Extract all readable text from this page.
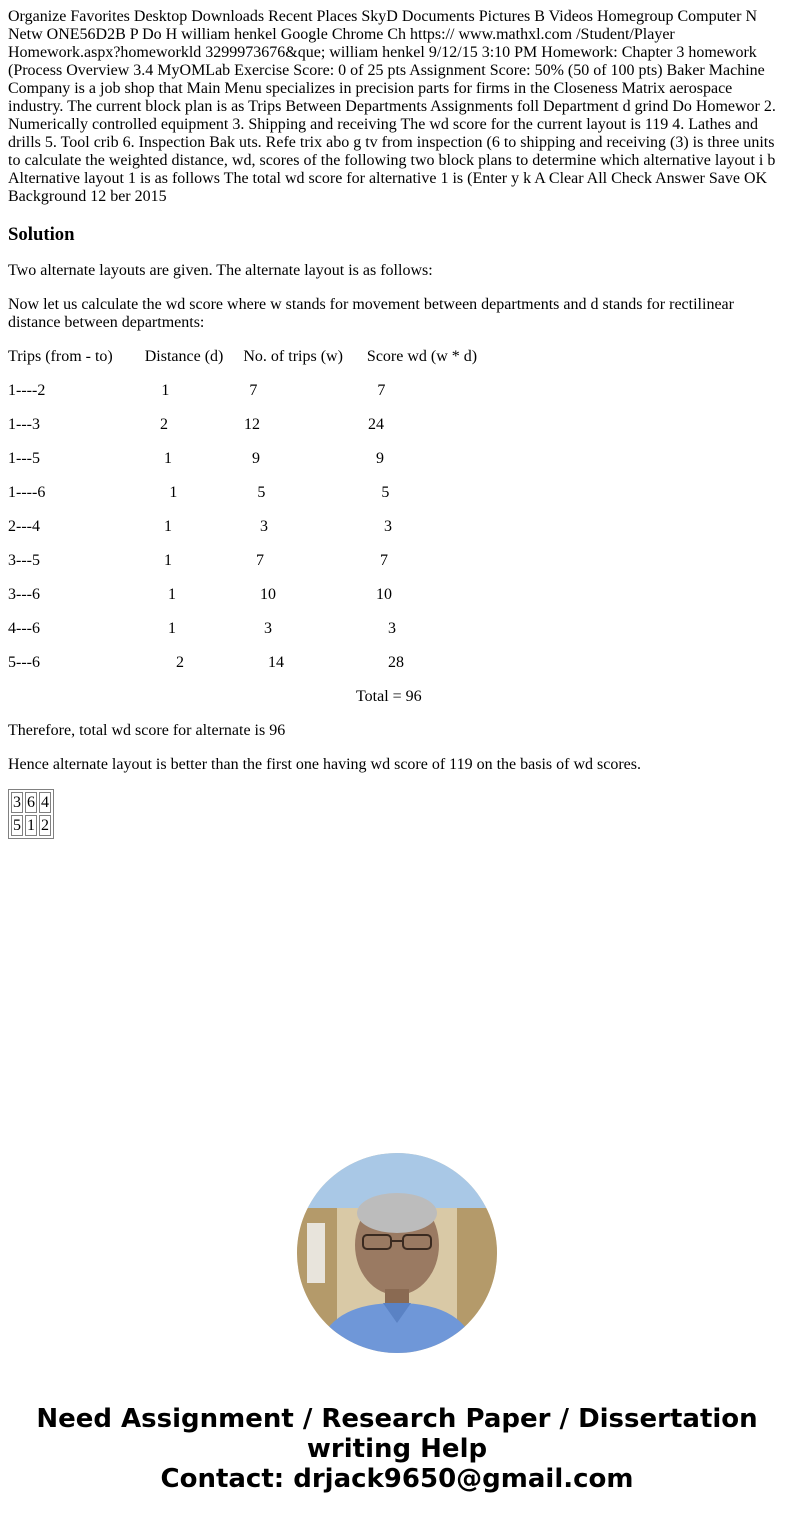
Organize Favorites Desktop Downloads Recent Places SkyD Documents Pictures B Videos Homegroup Computer N Netw ONE56D2B P Do H william henkel Google Chrome Ch https:// www.mathxl.com /Student/Player Homework.aspx?homeworkld 3299973676&que; william henkel 9/12/15 3:10 PM Homework: Chapter 3 homework (Process Overview 3.4 MyOMLab Exercise Score: 0 of 25 pts Assignment Score: 50% (50 of 100 pts) Baker Machine Company is a job shop that Main Menu specializes in precision parts for firms in the Closeness Matrix aerospace industry. The current block plan is as Trips Between Departments Assignments foll Department d grind Do Homewor 2. Numerically controlled equipment 3. Shipping and receiving The wd score for the current layout is 119 4. Lathes and drills 5. Tool crib 6. Inspection Bak uts. Refe trix abo g tv from inspection (6 to shipping and receiving (3) is three units to calculate the weighted distance, wd, scores of the following two block plans to determine which alternative layout i b Alternative layout 1 is as follows The total wd score for alternative 1 is (Enter y k A Clear All Check Answer Save OK Background 12 ber 2015

Solution

Two alternate layouts are given. The alternate layout is as follows:

Now let us calculate the wd score where w stands for movement between departments and d stands for rectilinear distance between departments:

Trips (from - to)        Distance (d)     No. of trips (w)      Score wd (w * d)

1----2                             1                    7                              7

1---3                              2                   12                           24

1---5                               1                    9                             9

1----6                               1                    5                             5

2---4                               1                      3                             3

3---5                               1                     7                             7

3---6                                1                     10                         10

4---6                                1                      3                             3

5---6                                  2                     14                          28

Total = 96

Therefore, total wd score for alternate is 96

Hence alternate layout is better than the first one having wd score of 119 on the basis of wd scores.

3	6	4
5	1	2
Need Assignment / Research Paper / Dissertation
writing Help
Contact: drjack9650@gmail.com
